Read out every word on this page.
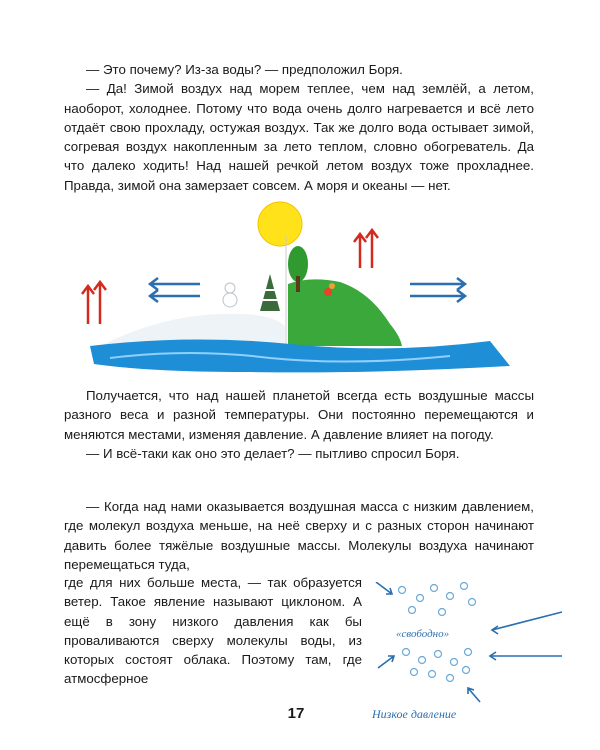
— Это почему? Из-за воды? — предположил Боря.

— Да! Зимой воздух над морем теплее, чем над землёй, а летом, наоборот, холоднее. Потому что вода очень долго нагревается и всё лето отдаёт свою прохладу, остужая воздух. Так же долго вода остывает зимой, согревая воздух накопленным за лето теплом, словно обогреватель. Да что далеко ходить! Над нашей речкой летом воздух тоже прохладнее. Правда, зимой она замерзает совсем. А моря и океаны — нет.

Получается, что над нашей планетой всегда есть воздушные массы разного веса и разной температуры. Они постоянно перемещаются и меняются местами, изменяя давление. А давление влияет на погоду.

— И всё-таки как оно это делает? — пытливо спросил Боря.

— Когда над нами оказывается воздушная масса с низким давлением, где молекул воздуха меньше, на неё сверху и с разных сторон начинают давить более тяжёлые воздушные массы. Молекулы воздуха начинают перемещаться туда,

где для них больше места, — так образуется ветер. Такое явление называют циклоном. А ещё в зону низкого давления как бы проваливаются сверху молекулы воды, из которых состоят облака. Поэтому там, где атмосферное
«свободно»
Низкое давление
17
